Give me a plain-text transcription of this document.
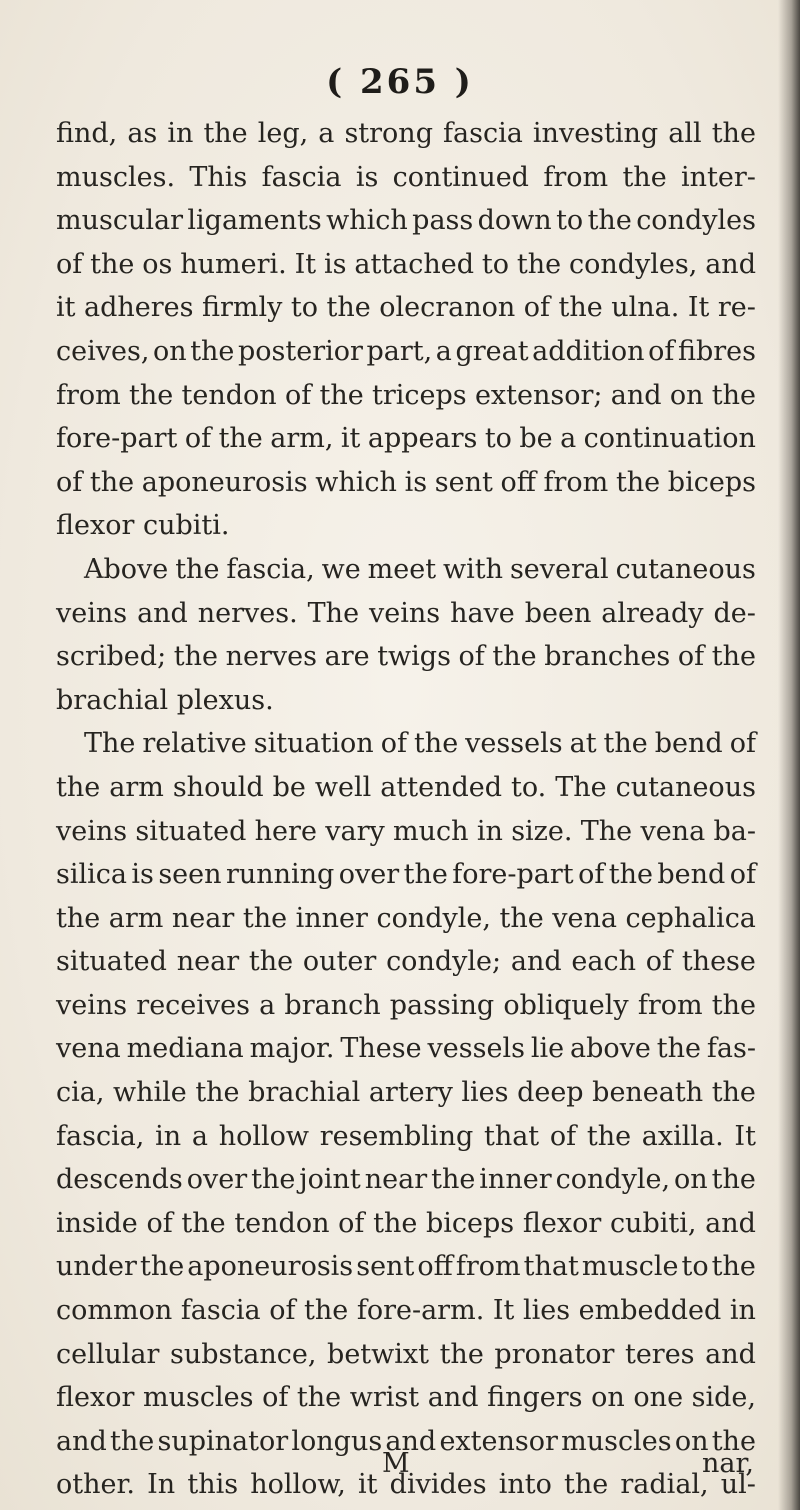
( 265 )
find, as in the leg, a strong fascia investing all the
muscles. This fascia is continued from the inter-
muscular ligaments which pass down to the condyles
of the os humeri. It is attached to the condyles, and
it adheres firmly to the olecranon of the ulna. It re-
ceives, on the posterior part, a great addition of fibres
from the tendon of the triceps extensor; and on the
fore-part of the arm, it appears to be a continuation
of the aponeurosis which is sent off from the biceps
flexor cubiti.
Above the fascia, we meet with several cutaneous
veins and nerves. The veins have been already de-
scribed; the nerves are twigs of the branches of the
brachial plexus.
The relative situation of the vessels at the bend of
the arm should be well attended to. The cutaneous
veins situated here vary much in size. The vena ba-
silica is seen running over the fore-part of the bend of
the arm near the inner condyle, the vena cephalica
situated near the outer condyle; and each of these
veins receives a branch passing obliquely from the
vena mediana major. These vessels lie above the fas-
cia, while the brachial artery lies deep beneath the
fascia, in a hollow resembling that of the axilla. It
descends over the joint near the inner condyle, on the
inside of the tendon of the biceps flexor cubiti, and
under the aponeurosis sent off from that muscle to the
common fascia of the fore-arm. It lies embedded in
cellular substance, betwixt the pronator teres and
flexor muscles of the wrist and fingers on one side,
and the supinator longus and extensor muscles on the
other. In this hollow, it divides into the radial, ul-
M	nar,
